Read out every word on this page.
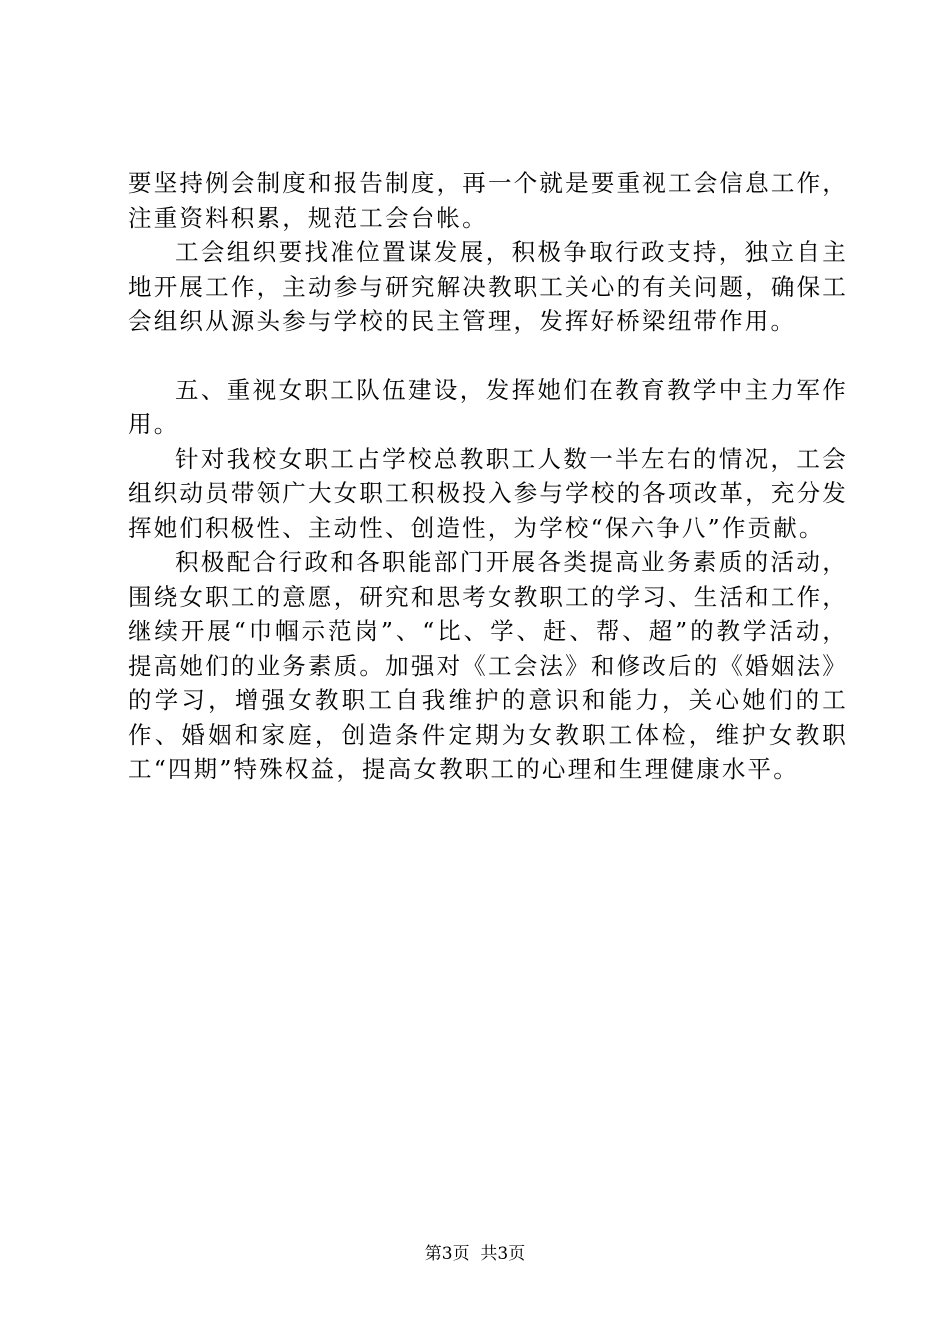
要坚持例会制度和报告制度，再一个就是要重视工会信息工作，注重资料积累，规范工会台帐。

工会组织要找准位置谋发展，积极争取行政支持，独立自主地开展工作，主动参与研究解决教职工关心的有关问题，确保工会组织从源头参与学校的民主管理，发挥好桥梁纽带作用。

五、重视女职工队伍建设，发挥她们在教育教学中主力军作用。

针对我校女职工占学校总教职工人数一半左右的情况，工会组织动员带领广大女职工积极投入参与学校的各项改革，充分发挥她们积极性、主动性、创造性，为学校“保六争八”作贡献。

积极配合行政和各职能部门开展各类提高业务素质的活动，围绕女职工的意愿，研究和思考女教职工的学习、生活和工作，继续开展“巾帼示范岗”、“比、学、赶、帮、超”的教学活动，提高她们的业务素质。加强对《工会法》和修改后的《婚姻法》的学习，增强女教职工自我维护的意识和能力，关心她们的工作、婚姻和家庭，创造条件定期为女教职工体检，维护女教职工“四期”特殊权益，提高女教职工的心理和生理健康水平。

第3页  共3页
